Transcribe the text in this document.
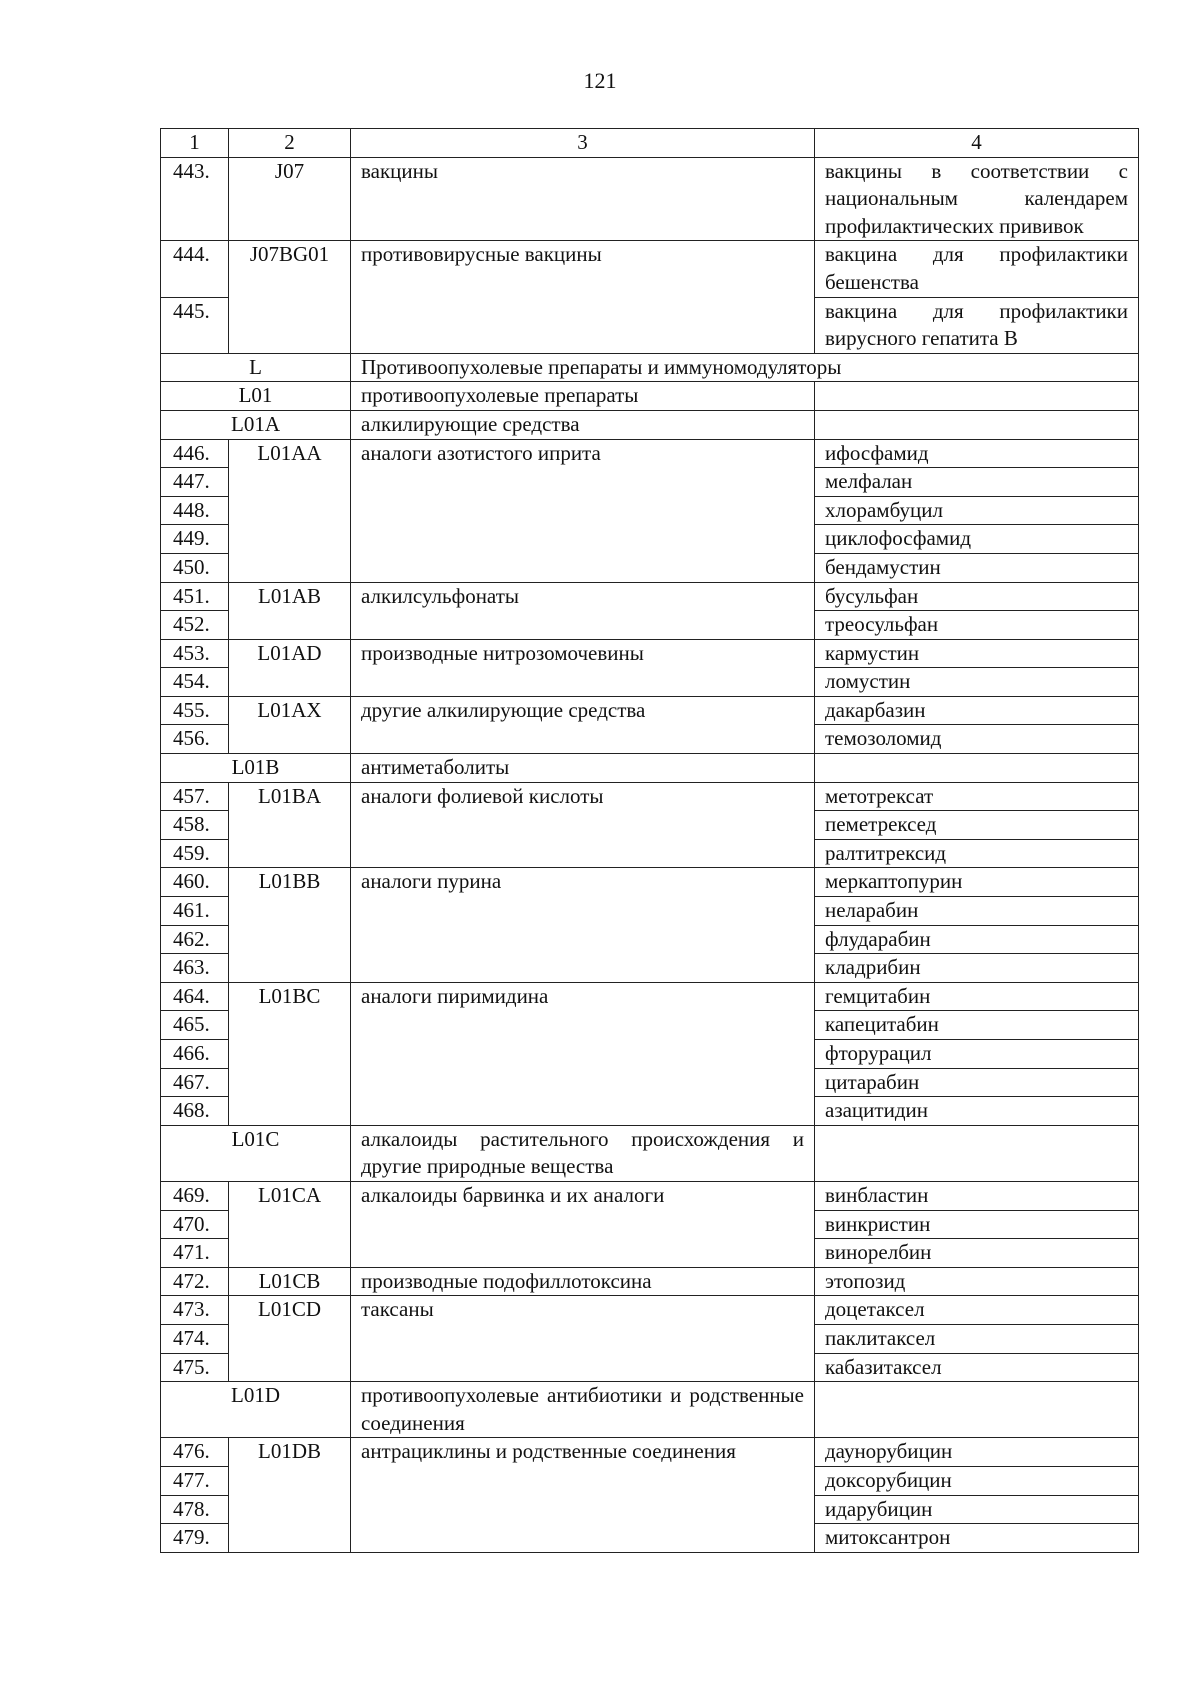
121
1	2	3	4
443.	J07	вакцины	вакцины в соответствии с национальным календарем профилактических прививок
444.	J07BG01	противовирусные вакцины	вакцина для профилактики бешенства
445.			вакцина для профилактики вирусного гепатита B
L		Противоопухолевые препараты и иммуномодуляторы	
L01		противоопухолевые препараты	
L01A		алкилирующие средства	
446.	L01AA	аналоги азотистого иприта	ифосфамид
447.			мелфалан
448.			хлорамбуцил
449.			циклофосфамид
450.			бендамустин
451.	L01AB	алкилсульфонаты	бусульфан
452.			треосульфан
453.	L01AD	производные нитрозомочевины	кармустин
454.			ломустин
455.	L01AX	другие алкилирующие средства	дакарбазин
456.			темозоломид
L01B		антиметаболиты	
457.	L01BA	аналоги фолиевой кислоты	метотрексат
458.			пеметрексед
459.			ралтитрексид
460.	L01BB	аналоги пурина	меркаптопурин
461.			неларабин
462.			флударабин
463.			кладрибин
464.	L01BC	аналоги пиримидина	гемцитабин
465.			капецитабин
466.			фторурацил
467.			цитарабин
468.			азацитидин
L01C		алкалоиды растительного происхождения и другие природные вещества	
469.	L01CA	алкалоиды барвинка и их аналоги	винбластин
470.			винкристин
471.			винорелбин
472.	L01CB	производные подофиллотоксина	этопозид
473.	L01CD	таксаны	доцетаксел
474.			паклитаксел
475.			кабазитаксел
L01D		противоопухолевые антибиотики и родственные соединения	
476.	L01DB	антрациклины и родственные соединения	даунорубицин
477.			доксорубицин
478.			идарубицин
479.			митоксантрон
